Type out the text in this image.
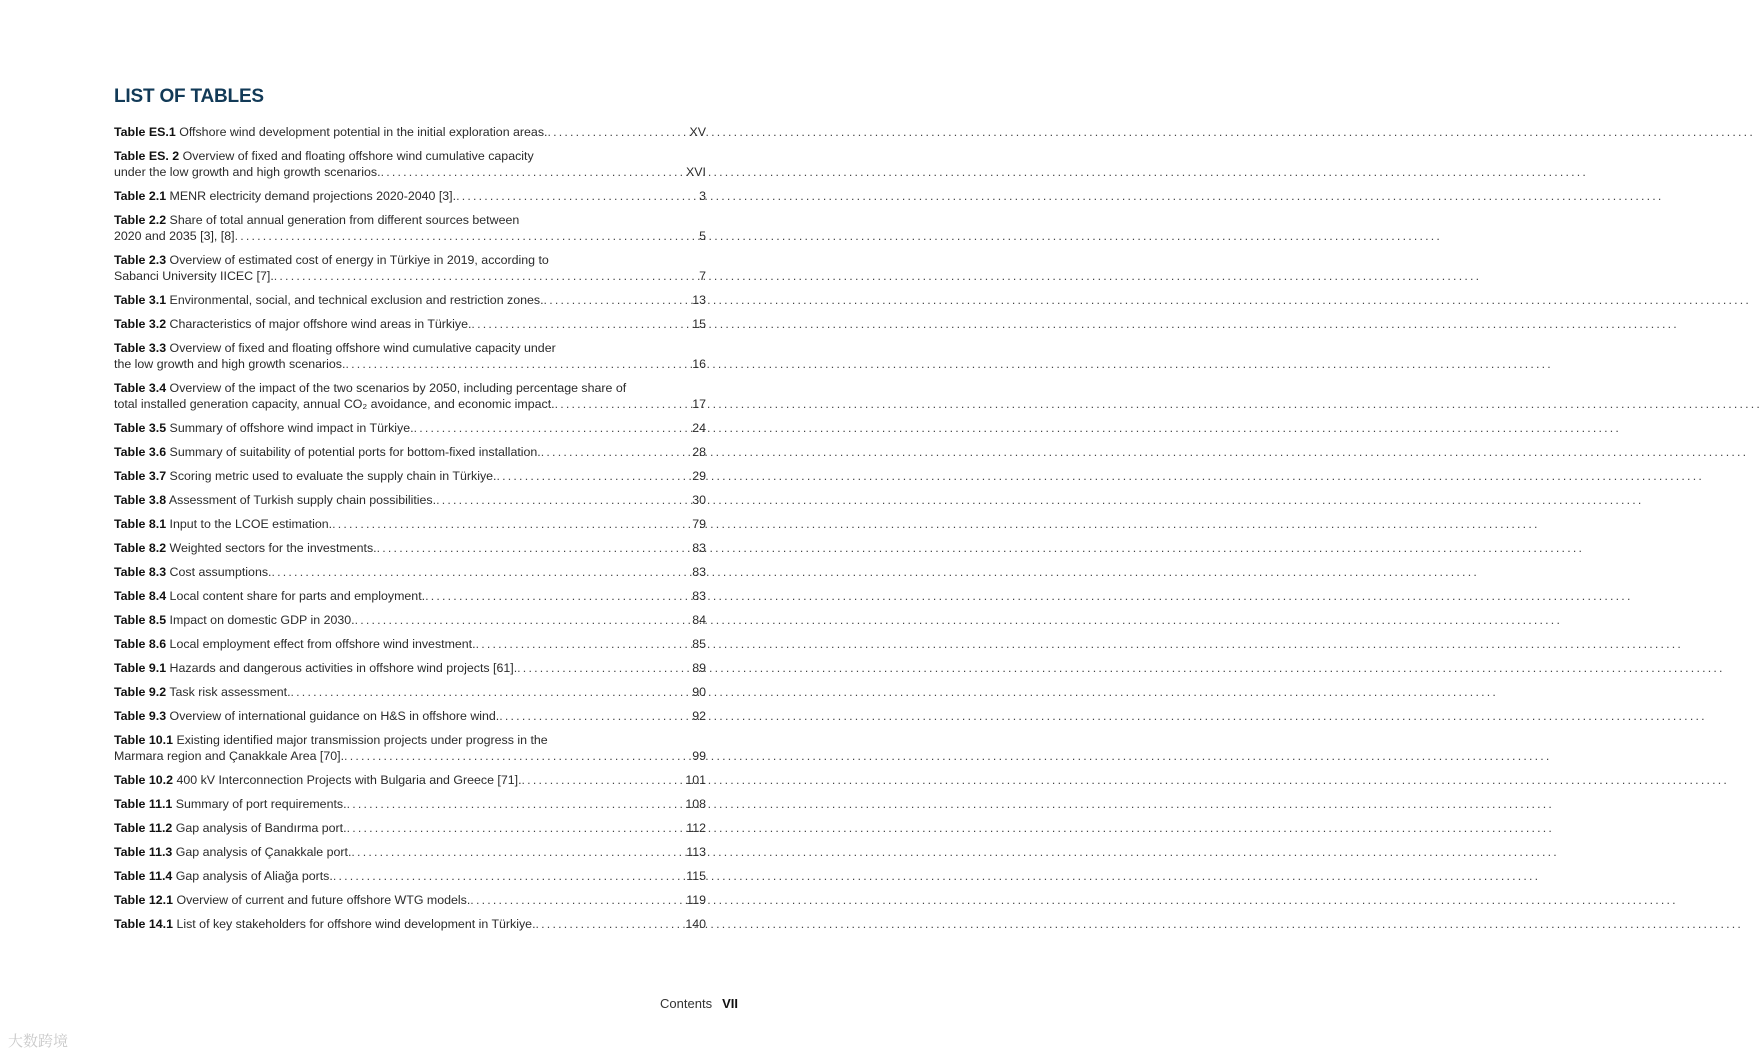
LIST OF TABLES
Table ES.1 Offshore wind development potential in the initial exploration areas. .....	XV
Table ES. 2 Overview of fixed and floating offshore wind cumulative capacity
under the low growth and high growth scenarios. .....	XVI
Table 2.1 MENR electricity demand projections 2020-2040 [3]. .....	3
Table 2.2 Share of total annual generation from different sources between
2020 and 2035 [3], [8] .....	5
Table 2.3 Overview of estimated cost of energy in Türkiye in 2019, according to
Sabanci University IICEC [7]. .....	7
Table 3.1 Environmental, social, and technical exclusion and restriction zones. .....	13
Table 3.2 Characteristics of major offshore wind areas in Türkiye. .....	15
Table 3.3 Overview of fixed and floating offshore wind cumulative capacity under
the low growth and high growth scenarios. .....	16
Table 3.4 Overview of the impact of the two scenarios by 2050, including percentage share of
total installed generation capacity, annual CO₂ avoidance, and economic impact. .....	17
Table 3.5 Summary of offshore wind impact in Türkiye. .....	24
Table 3.6 Summary of suitability of potential ports for bottom-fixed installation. .....	28
Table 3.7 Scoring metric used to evaluate the supply chain in Türkiye. .....	29
Table 3.8 Assessment of Turkish supply chain possibilities. .....	30
Table 8.1 Input to the LCOE estimation. .....	79
Table 8.2 Weighted sectors for the investments. .....	83
Table 8.3 Cost assumptions. .....	83
Table 8.4 Local content share for parts and employment. .....	83
Table 8.5 Impact on domestic GDP in 2030. .....	84
Table 8.6 Local employment effect from offshore wind investment. .....	85
Table 9.1 Hazards and dangerous activities in offshore wind projects [61]. .....	89
Table 9.2 Task risk assessment. .....	90
Table 9.3 Overview of international guidance on H&S in offshore wind. .....	92
Table 10.1 Existing identified major transmission projects under progress in the
Marmara region and Çanakkale Area [70]. .....	99
Table 10.2 400 kV Interconnection Projects with Bulgaria and Greece [71]. .....	101
Table 11.1 Summary of port requirements. .....	108
Table 11.2 Gap analysis of Bandırma port. .....	112
Table 11.3 Gap analysis of Çanakkale port. .....	113
Table 11.4 Gap analysis of Aliağa ports. .....	115
Table 12.1 Overview of current and future offshore WTG models. .....	119
Table 14.1 List of key stakeholders for offshore wind development in Türkiye. .....	140
Contents VII
大数跨境
